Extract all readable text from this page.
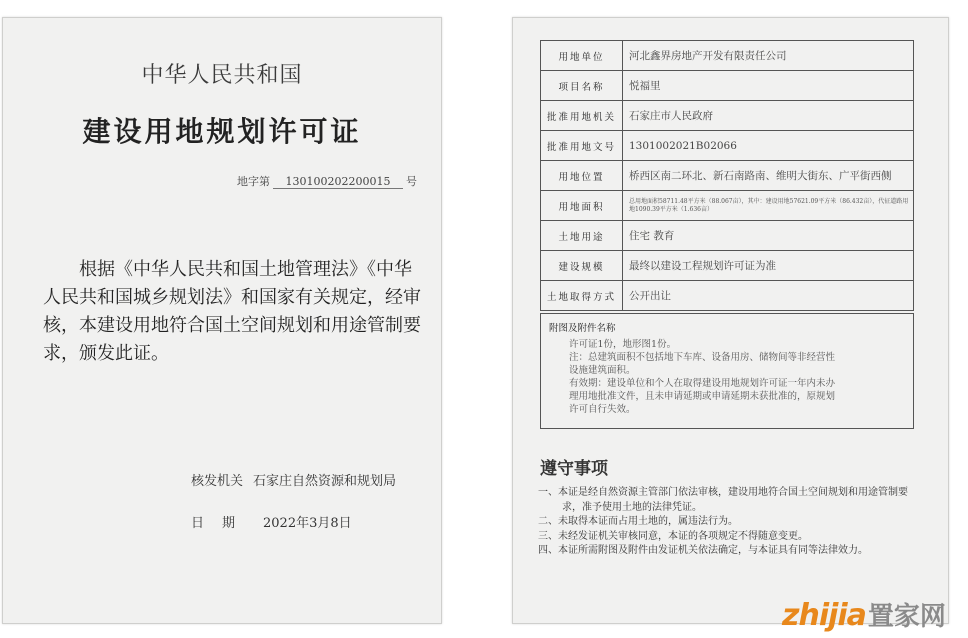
中华人民共和国
建设用地规划许可证
地字第 130100202200015 号
根据《中华人民共和国土地管理法》《中华人民共和国城乡规划法》和国家有关规定，经审核，本建设用地符合国土空间规划和用途管制要求，颁发此证。
核发机关 石家庄自然资源和规划局
日期 2022年3月8日
用地单位	河北鑫界房地产开发有限责任公司
项目名称	悦福里
批准用地机关	石家庄市人民政府
批准用地文号	1301002021B02066
用地位置	桥西区南二环北、新石南路南、维明大街东、广平街西侧
用地面积	总用地面积58711.48平方米（88.067亩），其中：建设用地57621.09平方米（86.432亩），代征道路用地1090.39平方米（1.636亩）
土地用途	住宅 教育
建设规模	最终以建设工程规划许可证为准
土地取得方式	公开出让
附图及附件名称
许可证1份，地形图1份。
注：总建筑面积不包括地下车库、设备用房、储物间等非经营性
设施建筑面积。
有效期：建设单位和个人在取得建设用地规划许可证一年内未办
理用地批准文件，且未申请延期或申请延期未获批准的，原规划
许可自行失效。
遵守事项
一、本证是经自然资源主管部门依法审核，建设用地符合国土空间规划和用途管制要求，准予使用土地的法律凭证。
二、未取得本证而占用土地的，属违法行为。
三、未经发证机关审核同意，本证的各项规定不得随意变更。
四、本证所需附图及附件由发证机关依法确定，与本证具有同等法律效力。
zhijia置家网
